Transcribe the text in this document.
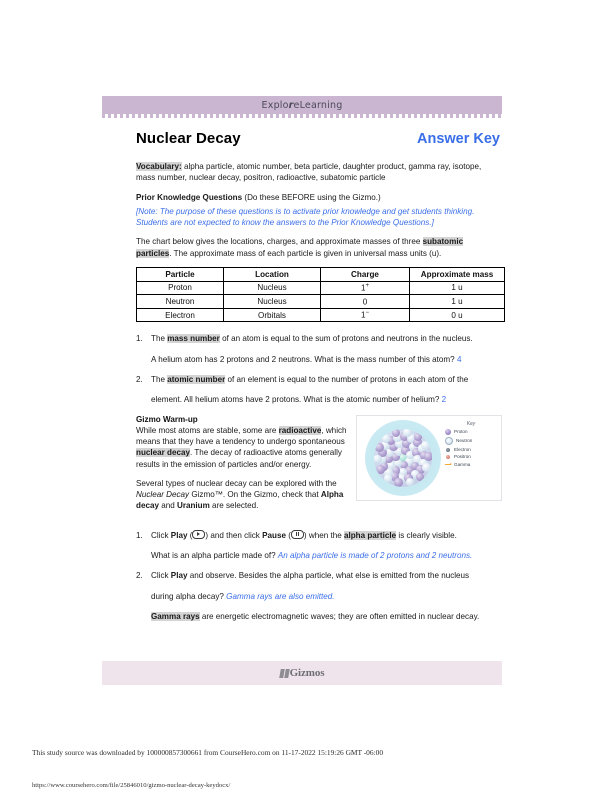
ExploreLearning
Nuclear Decay	Answer Key

Vocabulary: alpha particle, atomic number, beta particle, daughter product, gamma ray, isotope, mass number, nuclear decay, positron, radioactive, subatomic particle

Prior Knowledge Questions (Do these BEFORE using the Gizmo.)

[Note: The purpose of these questions is to activate prior knowledge and get students thinking. Students are not expected to know the answers to the Prior Knowledge Questions.]

The chart below gives the locations, charges, and approximate masses of three subatomic particles. The approximate mass of each particle is given in universal mass units (u).

Particle	Location	Charge	Approximate mass
Proton	Nucleus	1+	1 u
Neutron	Nucleus	0	1 u
Electron	Orbitals	1−	0 u
1.	The mass number of an atom is equal to the sum of protons and neutrons in the nucleus.
A helium atom has 2 protons and 2 neutrons. What is the mass number of this atom? 4
2.	The atomic number of an element is equal to the number of protons in each atom of the
element. All helium atoms have 2 protons. What is the atomic number of helium? 2
Gizmo Warm-up

While most atoms are stable, some are radioactive, which means that they have a tendency to undergo spontaneous nuclear decay. The decay of radioactive atoms generally results in the emission of particles and/or energy.

Several types of nuclear decay can be explored with the Nuclear Decay Gizmo™. On the Gizmo, check that Alpha decay and Uranium are selected.

Key
Proton
Neutron
Electron
Positron
Gamma
1.	Click Play ( ) and then click Pause ( ) when the alpha particle is clearly visible.
What is an alpha particle made of? An alpha particle is made of 2 protons and 2 neutrons.
2.	Click Play and observe. Besides the alpha particle, what else is emitted from the nucleus
during alpha decay? Gamma rays are also emitted.
Gamma rays are energetic electromagnetic waves; they are often emitted in nuclear decay.
Gizmos
This study source was downloaded by 100000857300661 from CourseHero.com on 11-17-2022 15:19:26 GMT -06:00
https://www.coursehero.com/file/25846010/gizmo-nuclear-decay-keydocx/
